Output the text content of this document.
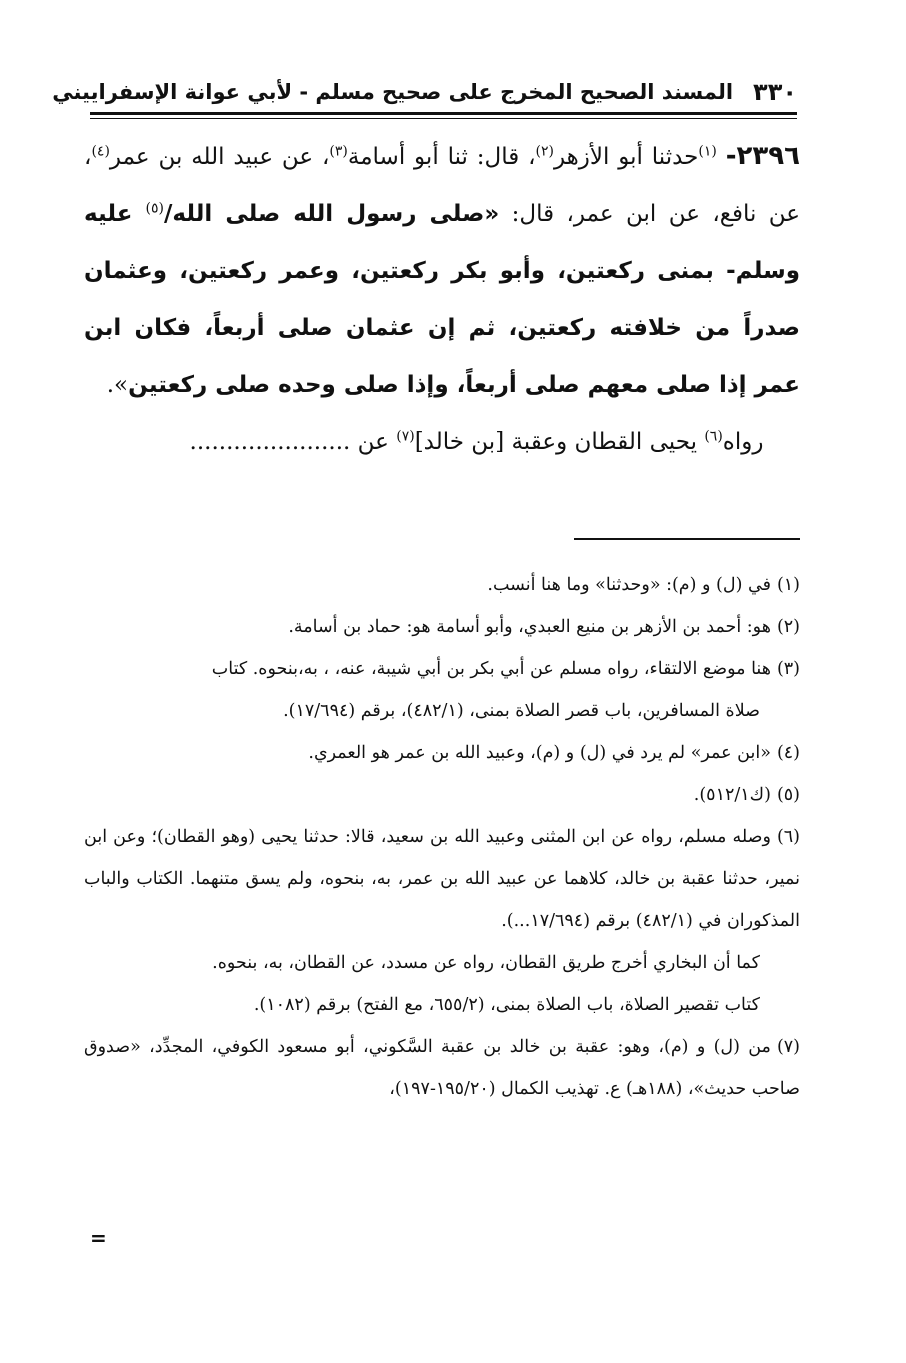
٣٣٠
المسند الصحيح المخرج على صحيح مسلم - لأبي عوانة الإسفراييني

٢٣٩٦- $^{(١)}$حدثنا أبو الأزهر$^{(٢)}$، قال: ثنا أبو أسامة$^{(٣)}$، عن عبيد الله بن عمر$^{(٤)}$، عن نافع، عن ابن عمر، قال: «صلى رسول الله صلى الله/$^{(٥)}$ عليه وسلم- بمنى ركعتين، وأبو بكر ركعتين، وعمر ركعتين، وعثمان صدراً من خلافته ركعتين، ثم إن عثمان صلى أربعاً، فكان ابن عمر إذا صلى معهم صلى أربعاً، وإذا صلى وحده صلى ركعتين».

رواه$^{(٦)}$ يحيى القطان وعقبة [بن خالد]$^{(٧)}$ عن ......................

(١)في (ل) و (م): «وحدثنا» وما هنا أنسب.

(٢)هو: أحمد بن الأزهر بن منيع العبدي، وأبو أسامة هو: حماد بن أسامة.

(٣)هنا موضع الالتقاء، رواه مسلم عن أبي بكر بن أبي شيبة، عنه، ، به،بنحوه. كتاب

صلاة المسافرين، باب قصر الصلاة بمنى، (٤٨٢/١)، برقم (١٧/٦٩٤).

(٤)«ابن عمر» لم يرد في (ل) و (م)، وعبيد الله بن عمر هو العمري.

(٥)(ك٥١٢/١).

(٦)وصله مسلم، رواه عن ابن المثنى وعبيد الله بن سعيد، قالا: حدثنا يحيى (وهو القطان)؛ وعن ابن نمير، حدثنا عقبة بن خالد، كلاهما عن عبيد الله بن عمر، به، بنحوه، ولم يسق متنهما. الكتاب والباب المذكوران في (٤٨٢/١) برقم (١٧/٦٩٤...).

كما أن البخاري أخرج طريق القطان، رواه عن مسدد، عن القطان، به، بنحوه.

كتاب تقصير الصلاة، باب الصلاة بمنى، (٦٥٥/٢، مع الفتح) برقم (١٠٨٢).

(٧)من (ل) و (م)، وهو: عقبة بن خالد بن عقبة السَّكوني، أبو مسعود الكوفي، المجدِّد، «صدوق صاحب حديث»، (١٨٨هـ) ع. تهذيب الكمال (١٩٥/٢٠-١٩٧)،

=
